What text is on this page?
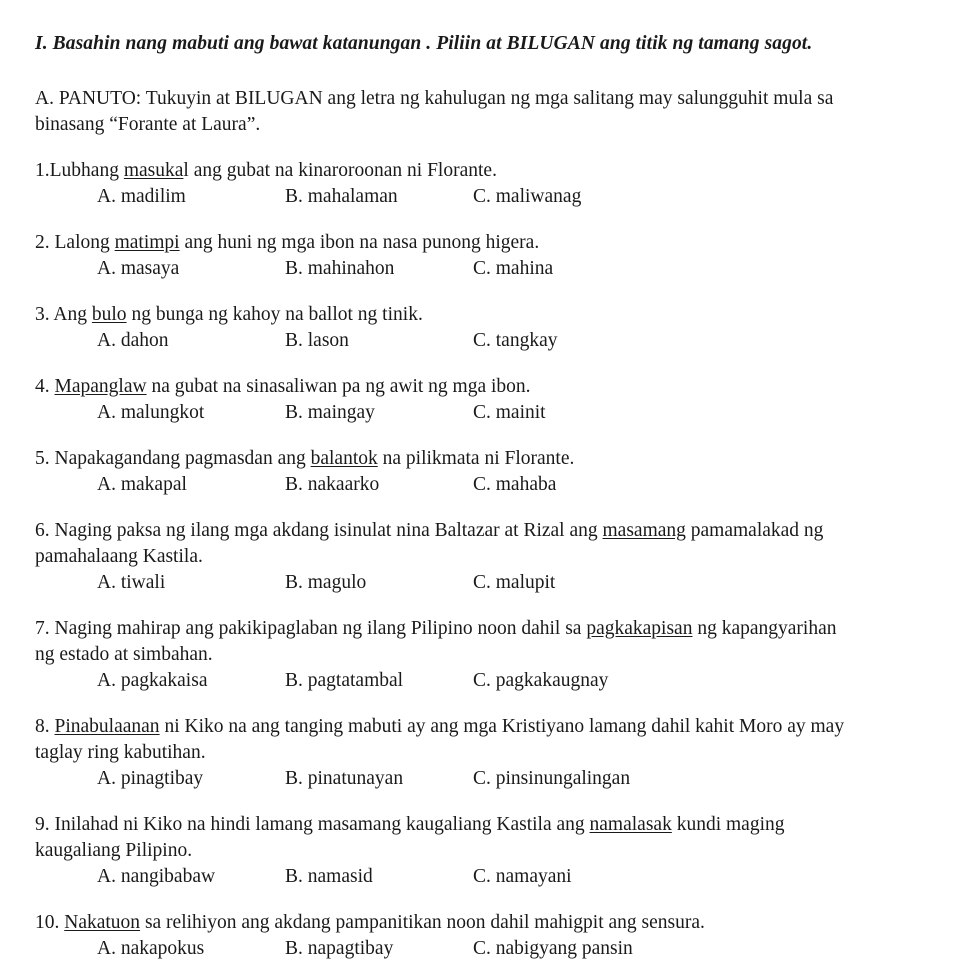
I. Basahin nang mabuti ang bawat katanungan . Piliin at BILUGAN ang titik ng tamang sagot.

A. PANUTO: Tukuyin at BILUGAN ang letra ng kahulugan ng mga salitang may salungguhit mula sa
binasang “Forante at Laura”.

1.Lubhang masukal ang gubat na kinaroroonan ni Florante.

A. madilim	B. mahalaman	C. maliwanag

2. Lalong matimpi ang huni ng mga ibon na nasa punong higera.

A. masaya	B. mahinahon	C. mahina

3. Ang bulo ng bunga ng kahoy na ballot ng tinik.

A. dahon	B. lason	C. tangkay

4. Mapanglaw na gubat na sinasaliwan pa ng awit ng mga ibon.

A. malungkot	B. maingay	C. mainit

5. Napakagandang pagmasdan ang balantok na pilikmata ni Florante.

A. makapal	B. nakaarko	C. mahaba

6. Naging paksa ng ilang mga akdang isinulat nina Baltazar at Rizal ang masamang pamamalakad ng

pamahalaang Kastila.

A. tiwali	B. magulo	C. malupit

7. Naging mahirap ang pakikipaglaban ng ilang Pilipino noon dahil sa pagkakapisan ng kapangyarihan

ng estado at simbahan.

A. pagkakaisa	B. pagtatambal	C. pagkakaugnay

8. Pinabulaanan ni Kiko na ang tanging mabuti ay ang mga Kristiyano lamang dahil kahit Moro ay may

taglay ring kabutihan.

A. pinagtibay	B. pinatunayan	C. pinsinungalingan

9. Inilahad ni Kiko na hindi lamang masamang kaugaliang Kastila ang namalasak kundi maging

kaugaliang Pilipino.

A. nangibabaw	B. namasid	C. namayani

10. Nakatuon sa relihiyon ang akdang pampanitikan noon dahil mahigpit ang sensura.

A. nakapokus	B. napagtibay	C. nabigyang pansin
